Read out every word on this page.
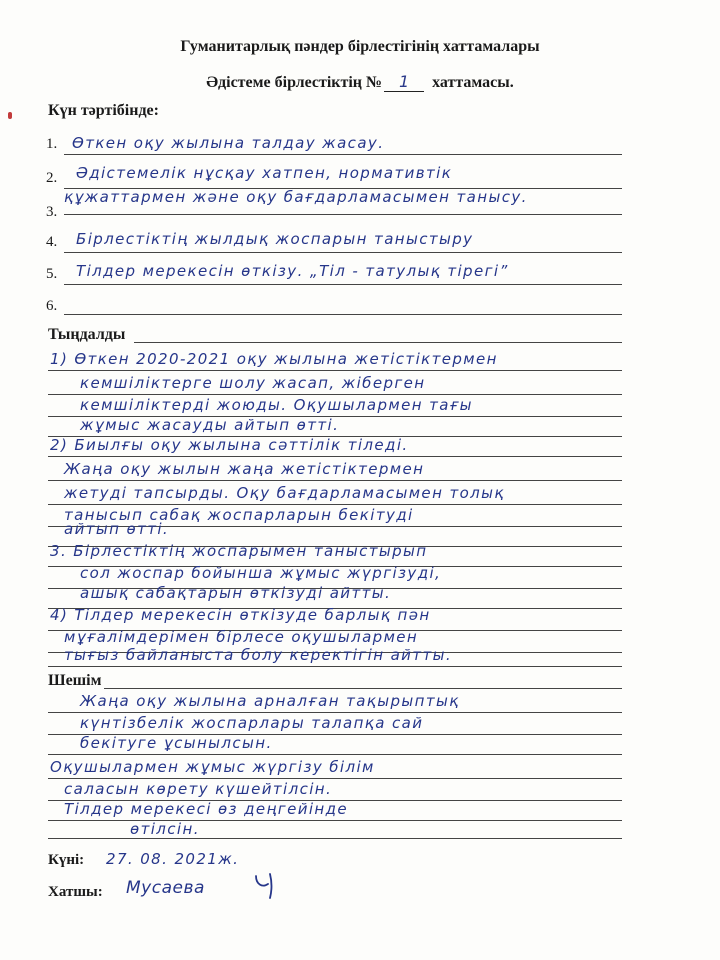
Гуманитарлық пәндер бірлестігінің хаттамалары
Әдістеме бірлестіктің № 1 хаттамасы.
Күн тәртібінде:
1. Өткен оқу жылына талдау жасау.
2. Әдістемелік нұсқау хатпен, нормативтік
3.
құжаттармен және оқу бағдарламасымен танысу.
4. Бірлестіктің жылдық жоспарын таныстыру
5. Тілдер мерекесін өткізу. „Тіл - татулық тірегі”
6.
Тыңдалды
1) Өткен 2020-2021 оқу жылына жетістіктермен
кемшіліктерге шолу жасап, жіберген
кемшіліктерді жоюды. Оқушылармен тағы
жұмыс жасауды айтып өтті.
2) Биылғы оқу жылына сәттілік тіледі.
Жаңа оқу жылын жаңа жетістіктермен
жетуді тапсырды. Оқу бағдарламасымен толық
танысып сабақ жоспарларын бекітуді
айтып өтті.
3. Бірлестіктің жоспарымен таныстырып
сол жоспар бойынша жұмыс жүргізуді,
ашық сабақтарын өткізуді айтты.
4) Тілдер мерекесін өткізуде барлық пән
мұғалімдерімен бірлесе оқушылармен
тығыз байланыста болу керектігін айтты.
Шешім
Жаңа оқу жылына арналған тақырыптық
күнтізбелік жоспарлары талапқа сай
бекітуге ұсынылсын.
Оқушылармен жұмыс жүргізу білім
саласын көрету күшейтілсін.
Тілдер мерекесі өз деңгейінде
өтілсін.
Күні: 27. 08. 2021ж.
Хатшы: Мусаева
